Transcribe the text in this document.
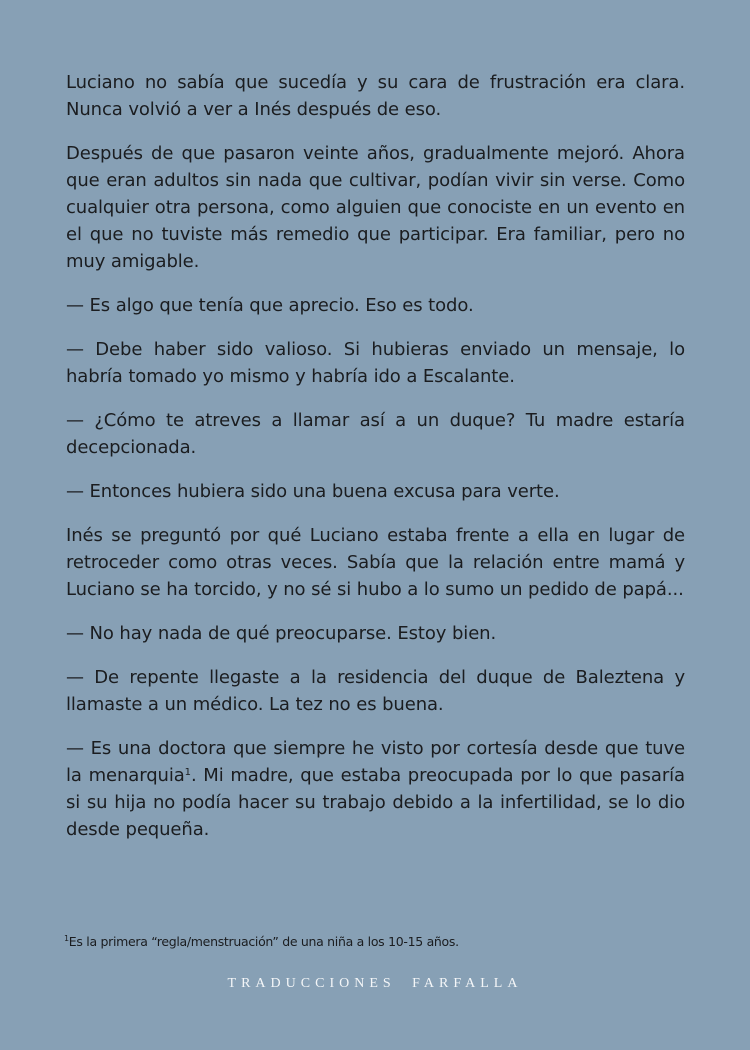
Luciano no sabía que sucedía y su cara de frustración era clara. Nunca volvió a ver a Inés después de eso.

Después de que pasaron veinte años, gradualmente mejoró. Ahora que eran adultos sin nada que cultivar, podían vivir sin verse. Como cualquier otra persona, como alguien que conociste en un evento en el que no tuviste más remedio que participar. Era familiar, pero no muy amigable.

— Es algo que tenía que aprecio. Eso es todo.

— Debe haber sido valioso. Si hubieras enviado un mensaje, lo habría tomado yo mismo y habría ido a Escalante.

— ¿Cómo te atreves a llamar así a un duque? Tu madre estaría decepcionada.

— Entonces hubiera sido una buena excusa para verte.

Inés se preguntó por qué Luciano estaba frente a ella en lugar de retroceder como otras veces. Sabía que la relación entre mamá y Luciano se ha torcido, y no sé si hubo a lo sumo un pedido de papá...

— No hay nada de qué preocuparse. Estoy bien.

— De repente llegaste a la residencia del duque de Baleztena y llamaste a un médico. La tez no es buena.

— Es una doctora que siempre he visto por cortesía desde que tuve la menarquia$^1$. Mi madre, que estaba preocupada por lo que pasaría si su hija no podía hacer su trabajo debido a la infertilidad, se lo dio desde pequeña.

$^1$Es la primera “regla/menstruación” de una niña a los 10-15 años.
TRADUCCIONES FARFALLA
